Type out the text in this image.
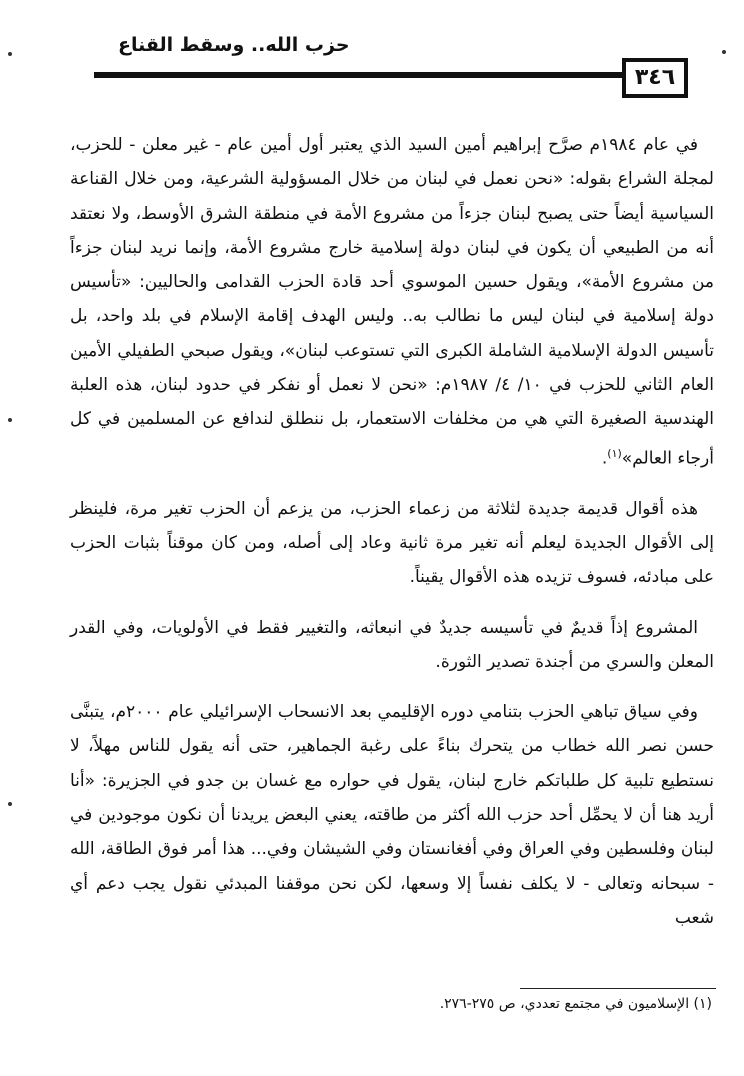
حزب الله.. وسقط القناع
٣٤٦

في عام ١٩٨٤م صرَّح إبراهيم أمين السيد الذي يعتبر أول أمين عام - غير معلن - للحزب، لمجلة الشراع بقوله: «نحن نعمل في لبنان من خلال المسؤولية الشرعية، ومن خلال القناعة السياسية أيضاً حتى يصبح لبنان جزءاً من مشروع الأمة في منطقة الشرق الأوسط، ولا نعتقد أنه من الطبيعي أن يكون في لبنان دولة إسلامية خارج مشروع الأمة، وإنما نريد لبنان جزءاً من مشروع الأمة»، ويقول حسين الموسوي أحد قادة الحزب القدامى والحاليين: «تأسيس دولة إسلامية في لبنان ليس ما نطالب به.. وليس الهدف إقامة الإسلام في بلد واحد، بل تأسيس الدولة الإسلامية الشاملة الكبرى التي تستوعب لبنان»، ويقول صبحي الطفيلي الأمين العام الثاني للحزب في ١٠/ ٤/ ١٩٨٧م: «نحن لا نعمل أو نفكر في حدود لبنان، هذه العلبة الهندسية الصغيرة التي هي من مخلفات الاستعمار، بل ننطلق لندافع عن المسلمين في كل أرجاء العالم»$^{(١)}$.

هذه أقوال قديمة جديدة لثلاثة من زعماء الحزب، من يزعم أن الحزب تغير مرة، فلينظر إلى الأقوال الجديدة ليعلم أنه تغير مرة ثانية وعاد إلى أصله، ومن كان موقناً بثبات الحزب على مبادئه، فسوف تزيده هذه الأقوال يقيناً.

المشروع إذاً قديمٌ في تأسيسه جديدٌ في انبعاثه، والتغيير فقط في الأولويات، وفي القدر المعلن والسري من أجندة تصدير الثورة.

وفي سياق تباهي الحزب بتنامي دوره الإقليمي بعد الانسحاب الإسرائيلي عام ٢٠٠٠م، يتبنَّى حسن نصر الله خطاب من يتحرك بناءً على رغبة الجماهير، حتى أنه يقول للناس مهلاً، لا نستطيع تلبية كل طلباتكم خارج لبنان، يقول في حواره مع غسان بن جدو في الجزيرة: «أنا أريد هنا أن لا يحمِّل أحد حزب الله أكثر من طاقته، يعني البعض يريدنا أن نكون موجودين في لبنان وفلسطين وفي العراق وفي أفغانستان وفي الشيشان وفي... هذا أمر فوق الطاقة، الله - سبحانه وتعالى - لا يكلف نفساً إلا وسعها، لكن نحن موقفنا المبدئي نقول يجب دعم أي شعب

(١) الإسلاميون في مجتمع تعددي، ص ٢٧٥-٢٧٦.
